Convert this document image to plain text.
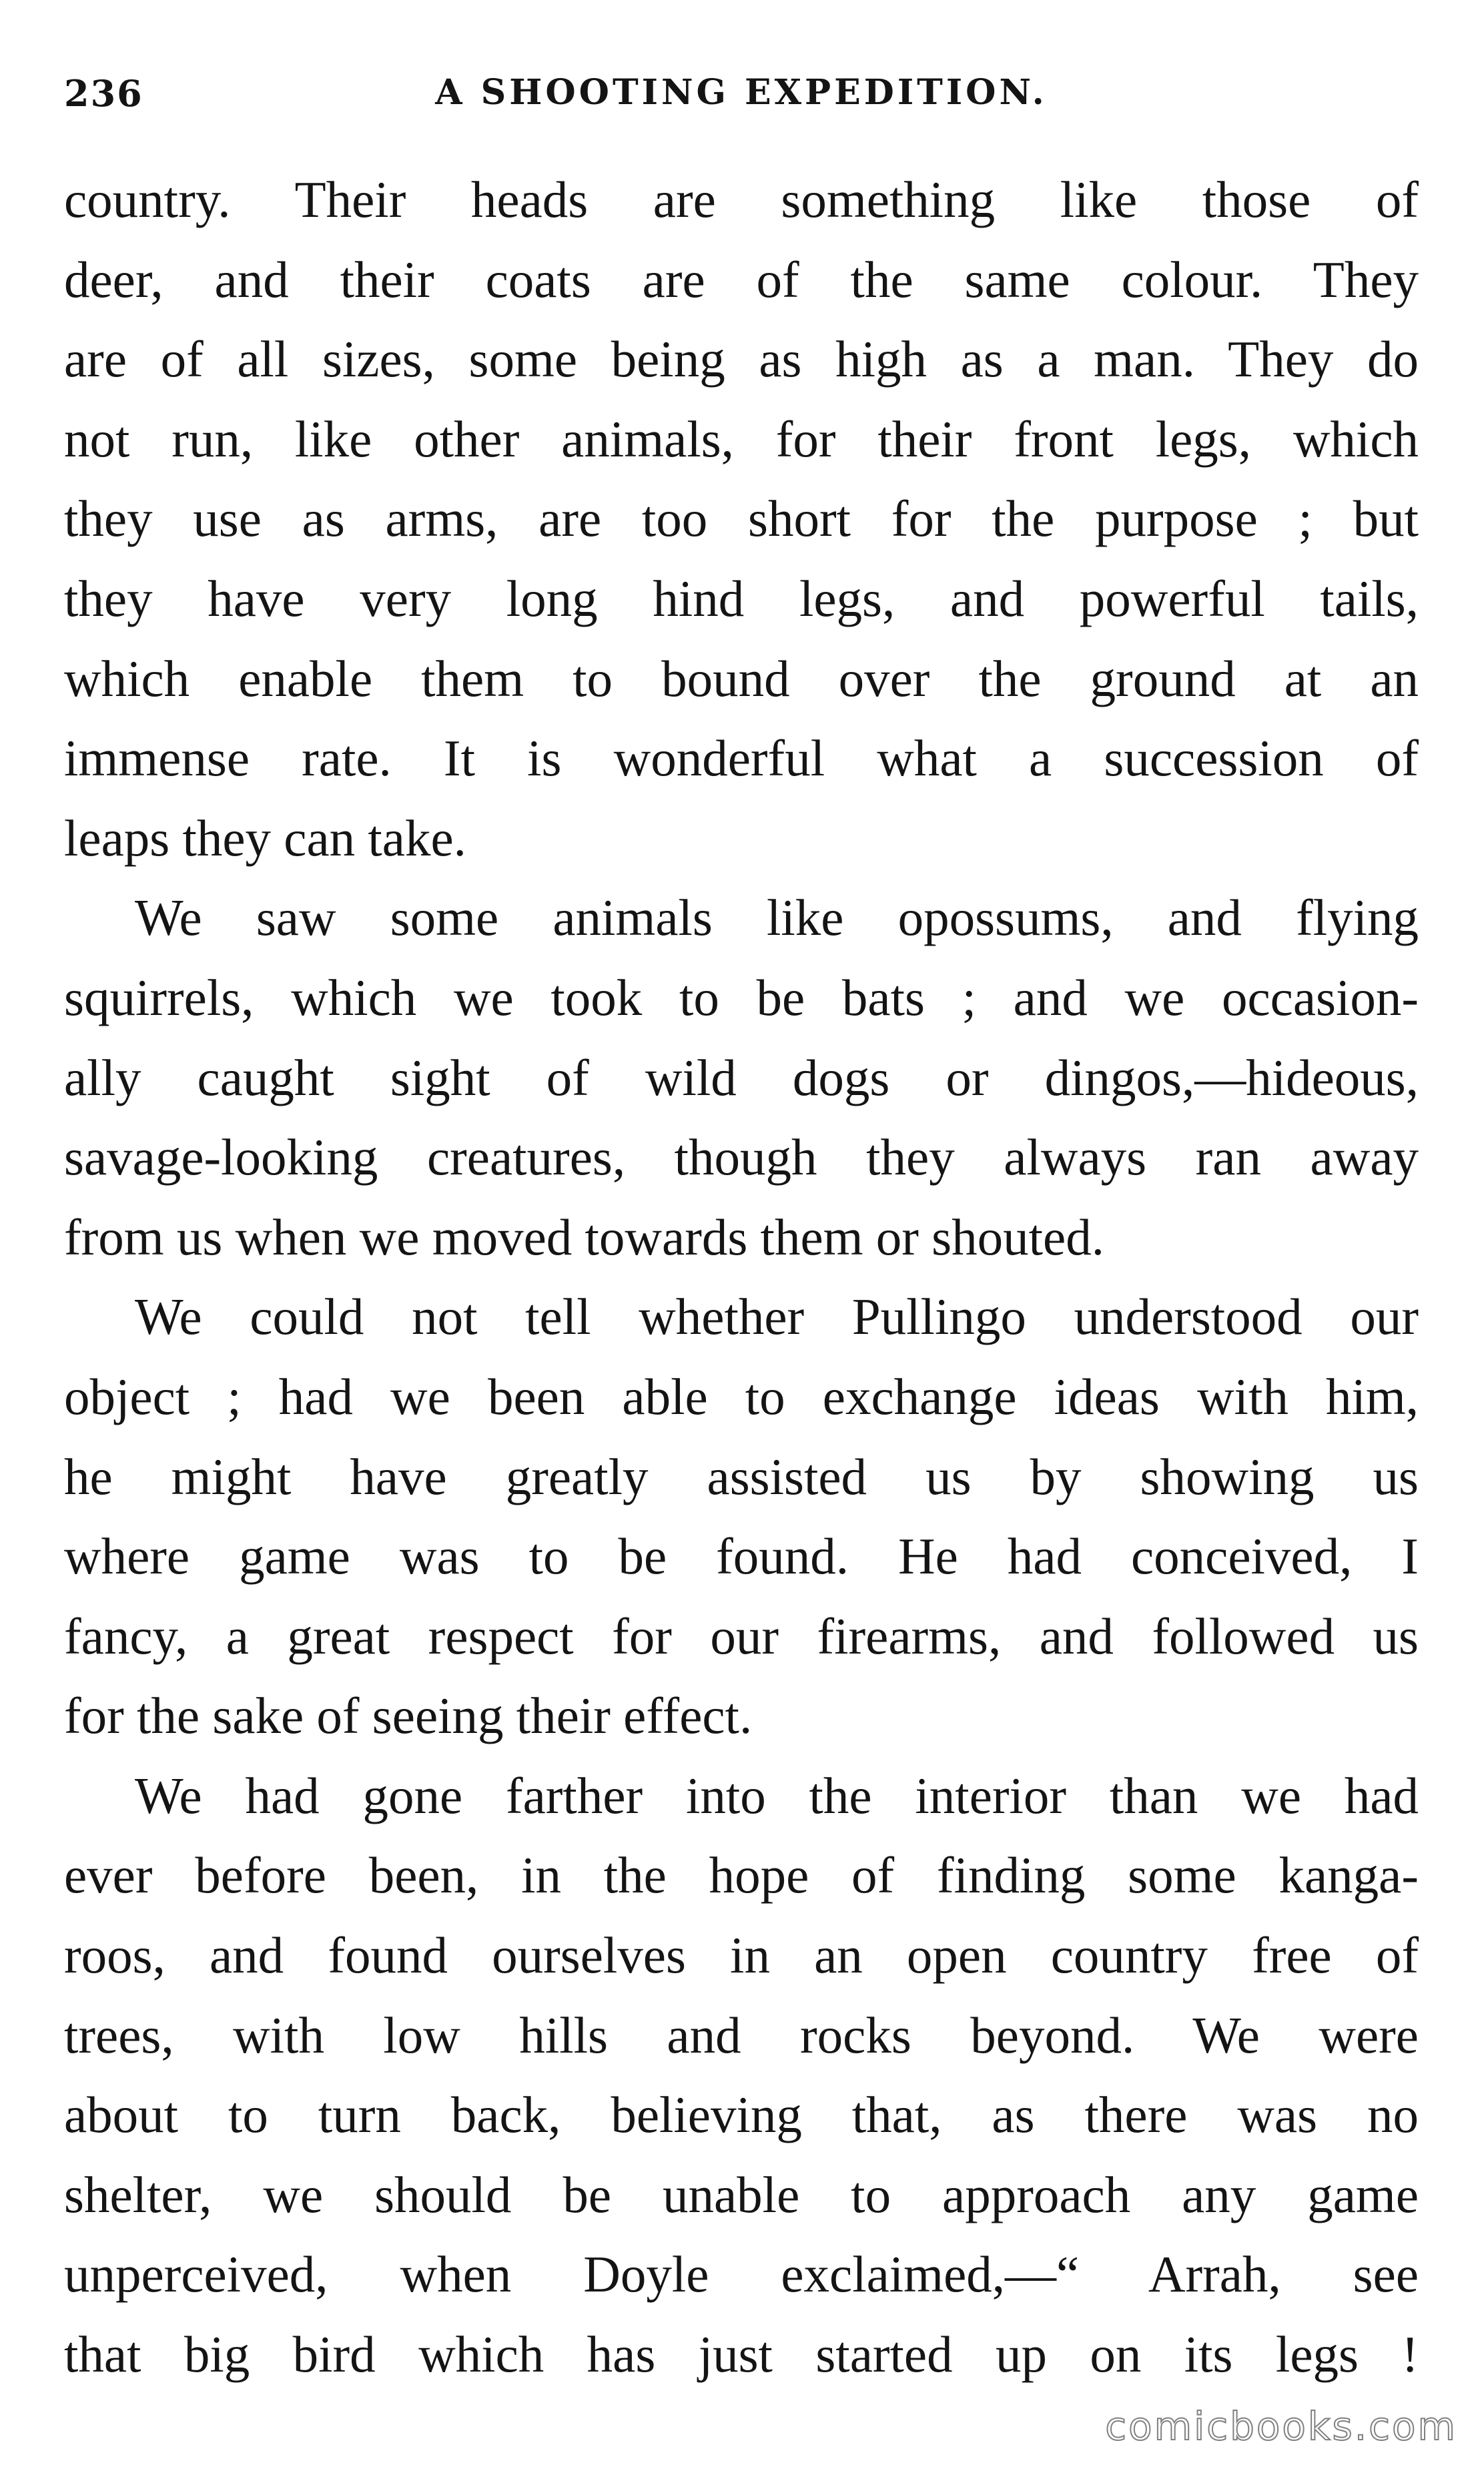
236	A SHOOTING EXPEDITION.
country. Their heads are something like those of
deer, and their coats are of the same colour. They
are of all sizes, some being as high as a man. They do
not run, like other animals, for their front legs, which
they use as arms, are too short for the purpose ; but
they have very long hind legs, and powerful tails,
which enable them to bound over the ground at an
immense rate. It is wonderful what a succession of
leaps they can take.
We saw some animals like opossums, and flying
squirrels, which we took to be bats ; and we occasion-
ally caught sight of wild dogs or dingos,—hideous,
savage-looking creatures, though they always ran away
from us when we moved towards them or shouted.
We could not tell whether Pullingo understood our
object ; had we been able to exchange ideas with him,
he might have greatly assisted us by showing us
where game was to be found. He had conceived, I
fancy, a great respect for our firearms, and followed us
for the sake of seeing their effect.
We had gone farther into the interior than we had
ever before been, in the hope of finding some kanga-
roos, and found ourselves in an open country free of
trees, with low hills and rocks beyond. We were
about to turn back, believing that, as there was no
shelter, we should be unable to approach any game
unperceived, when Doyle exclaimed,—“ Arrah, see
that big bird which has just started up on its legs !
comicbooks.com
